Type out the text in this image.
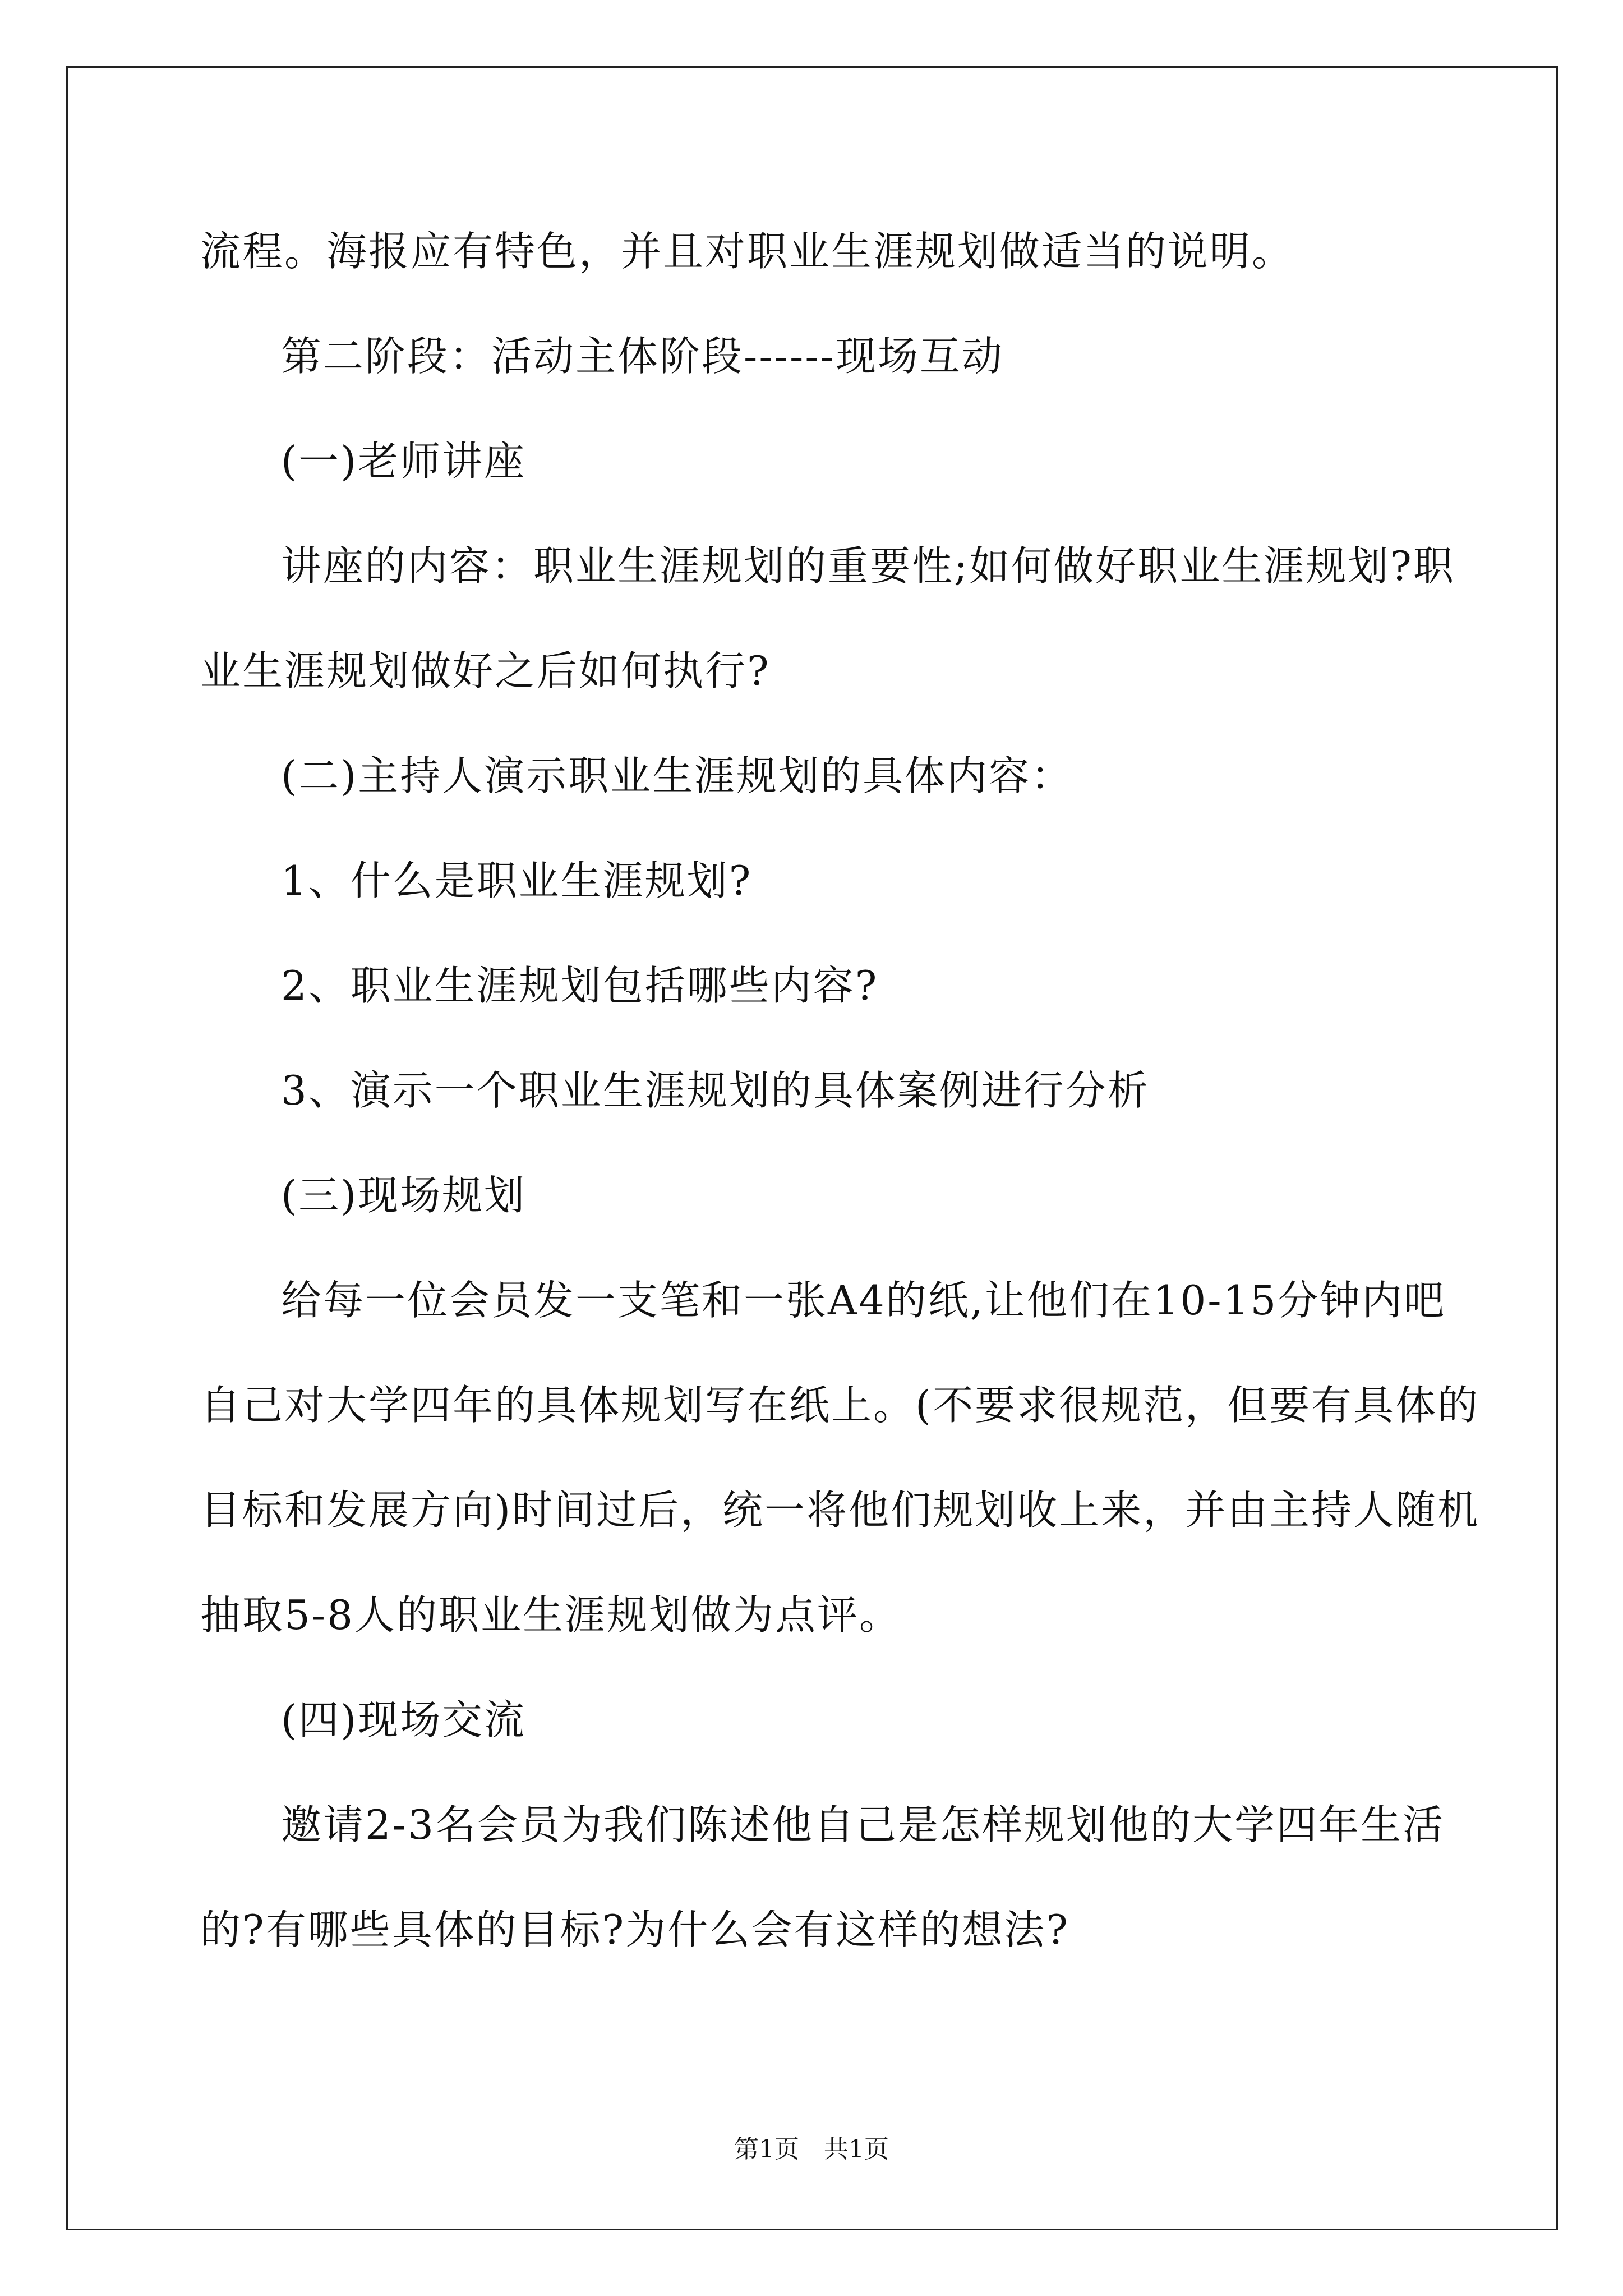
流程。海报应有特色，并且对职业生涯规划做适当的说明。
第二阶段：活动主体阶段------现场互动
(一)老师讲座
讲座的内容：职业生涯规划的重要性;如何做好职业生涯规划?职
业生涯规划做好之后如何执行?
(二)主持人演示职业生涯规划的具体内容：
1、什么是职业生涯规划?
2、职业生涯规划包括哪些内容?
3、演示一个职业生涯规划的具体案例进行分析
(三)现场规划
给每一位会员发一支笔和一张A4的纸,让他们在10-15分钟内吧
自己对大学四年的具体规划写在纸上。(不要求很规范，但要有具体的
目标和发展方向)时间过后，统一将他们规划收上来，并由主持人随机
抽取5-8人的职业生涯规划做为点评。
(四)现场交流
邀请2-3名会员为我们陈述他自己是怎样规划他的大学四年生活
的?有哪些具体的目标?为什么会有这样的想法?
第1页　共1页
